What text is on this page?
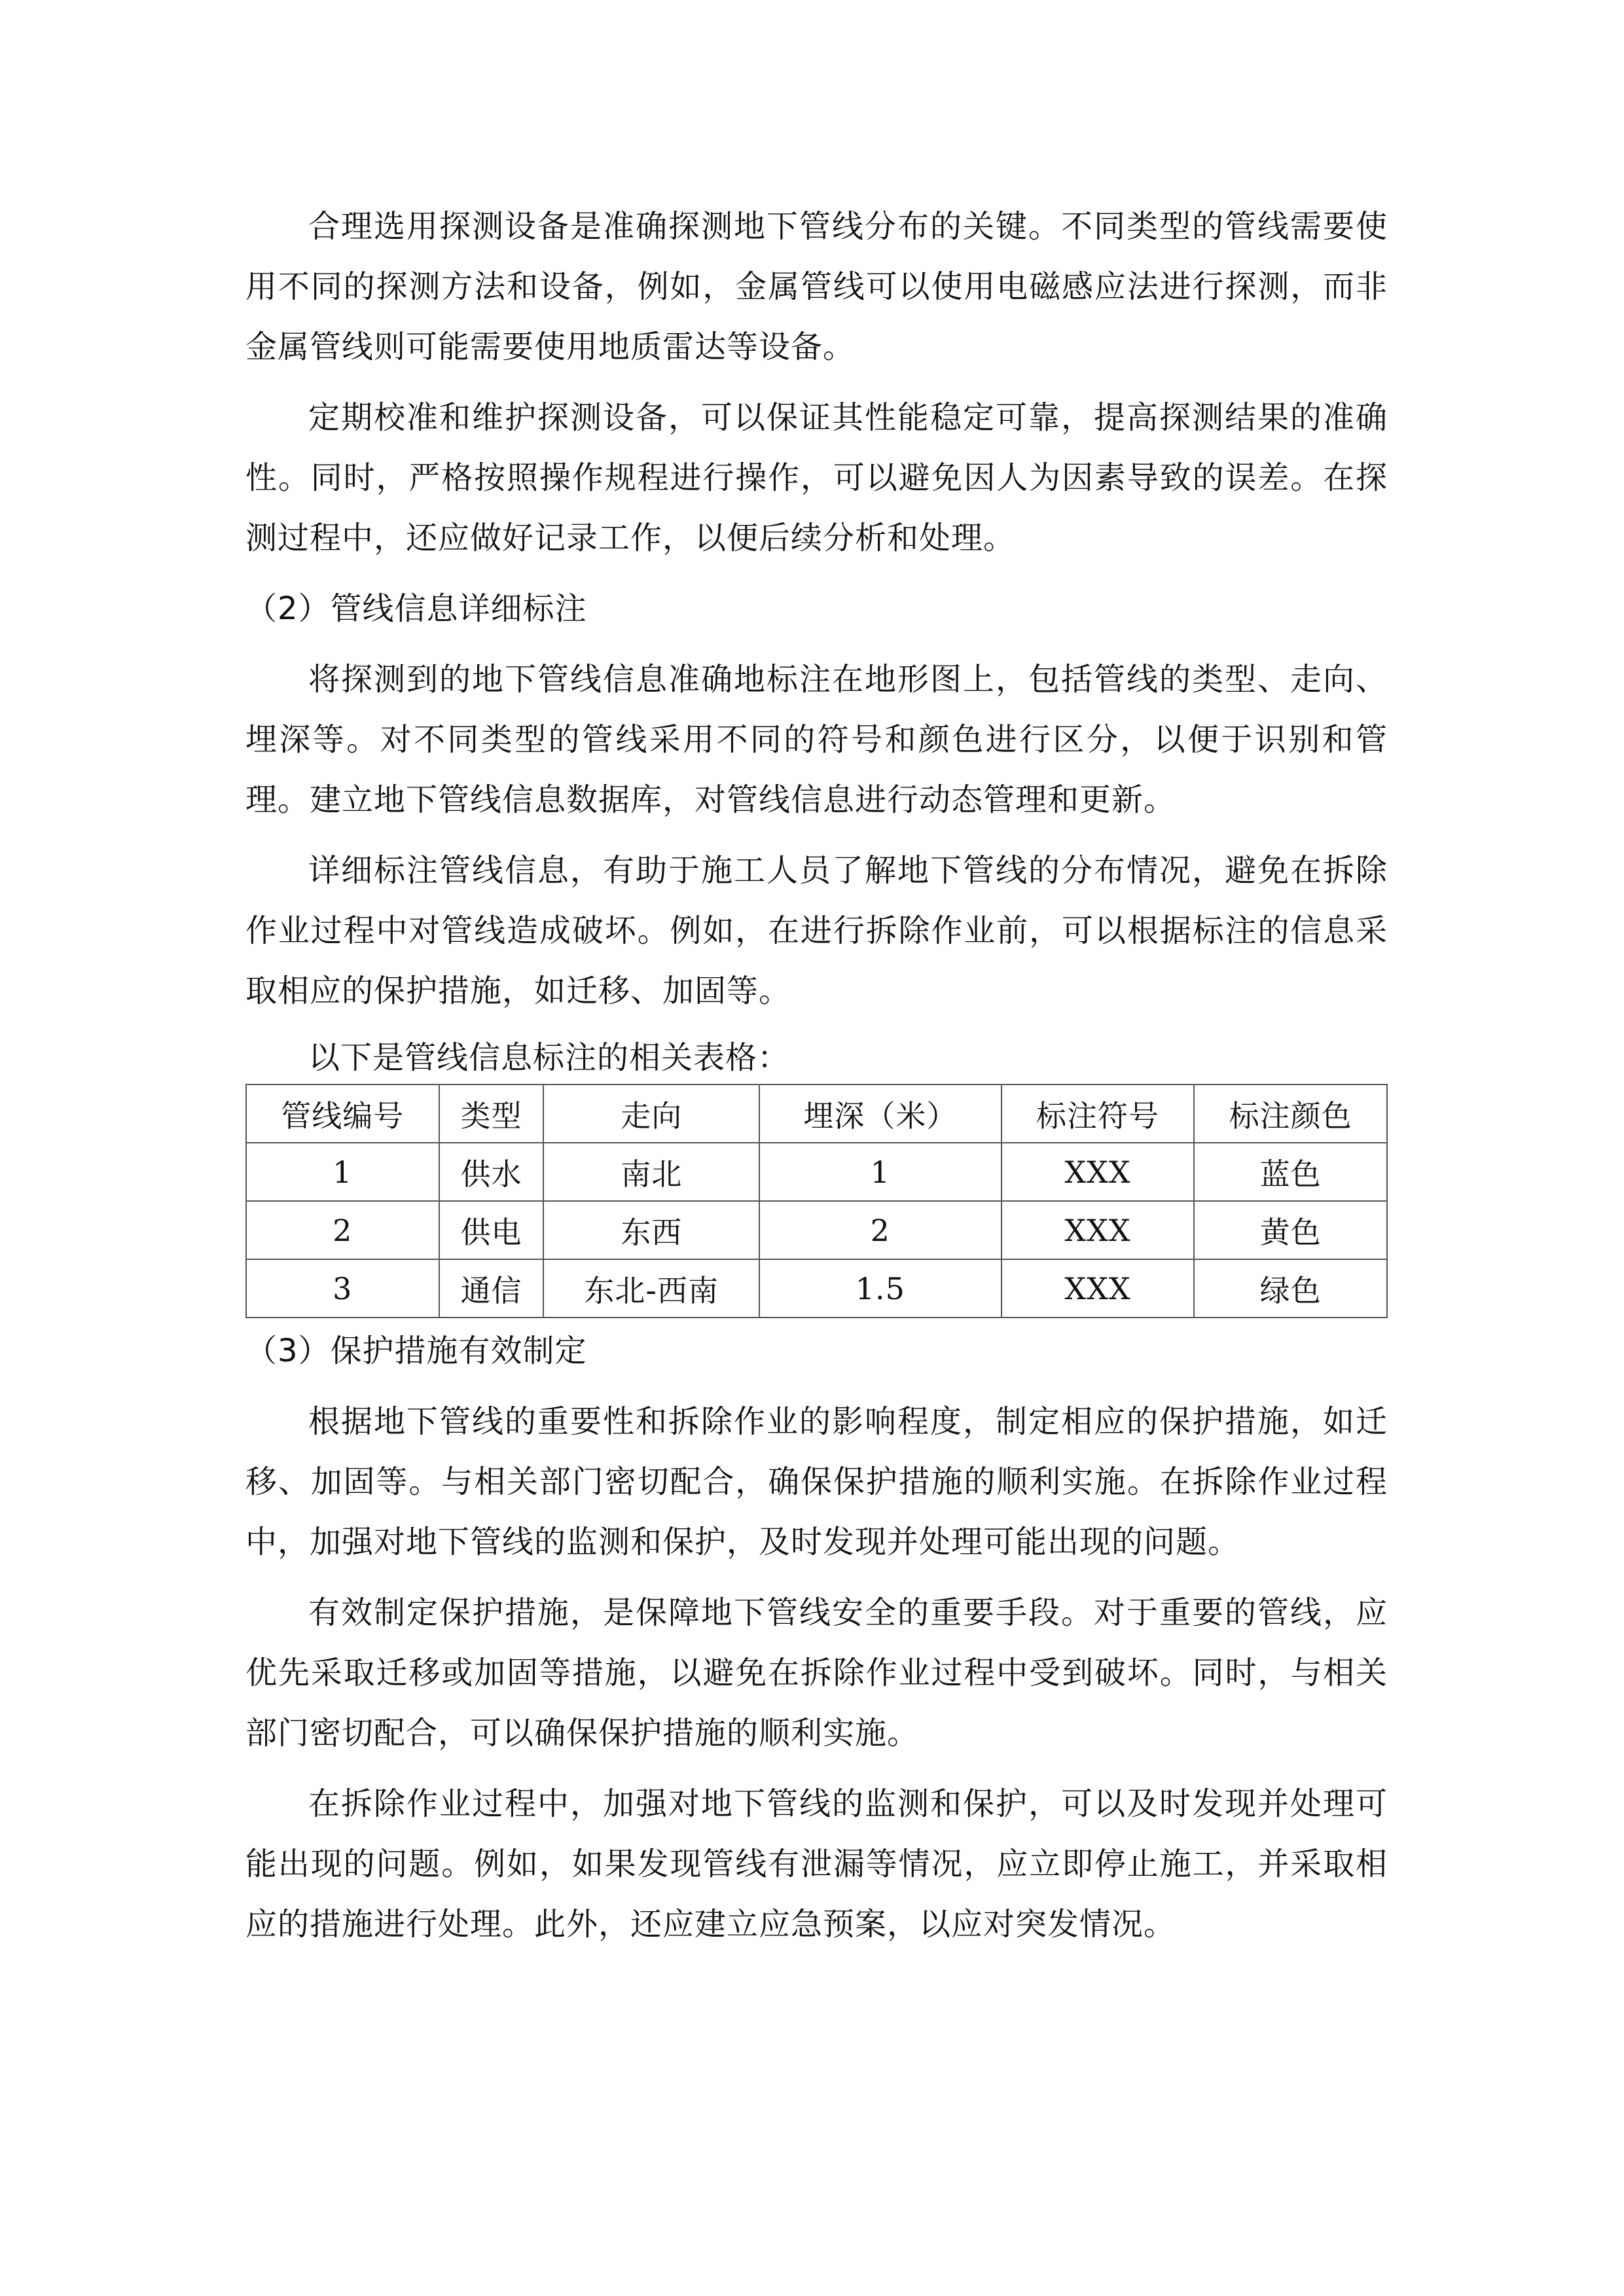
合理选用探测设备是准确探测地下管线分布的关键。不同类型的管线需要使用不同的探测方法和设备，例如，金属管线可以使用电磁感应法进行探测，而非金属管线则可能需要使用地质雷达等设备。

定期校准和维护探测设备，可以保证其性能稳定可靠，提高探测结果的准确性。同时，严格按照操作规程进行操作，可以避免因人为因素导致的误差。在探测过程中，还应做好记录工作，以便后续分析和处理。

（2）管线信息详细标注

将探测到的地下管线信息准确地标注在地形图上，包括管线的类型、走向、埋深等。对不同类型的管线采用不同的符号和颜色进行区分，以便于识别和管理。建立地下管线信息数据库，对管线信息进行动态管理和更新。

详细标注管线信息，有助于施工人员了解地下管线的分布情况，避免在拆除作业过程中对管线造成破坏。例如，在进行拆除作业前，可以根据标注的信息采取相应的保护措施，如迁移、加固等。

以下是管线信息标注的相关表格：

管线编号	类型	走向	埋深（米）	标注符号	标注颜色
1	供水	南北	1	XXX	蓝色
2	供电	东西	2	XXX	黄色
3	通信	东北-西南	1.5	XXX	绿色
（3）保护措施有效制定

根据地下管线的重要性和拆除作业的影响程度，制定相应的保护措施，如迁移、加固等。与相关部门密切配合，确保保护措施的顺利实施。在拆除作业过程中，加强对地下管线的监测和保护，及时发现并处理可能出现的问题。

有效制定保护措施，是保障地下管线安全的重要手段。对于重要的管线，应优先采取迁移或加固等措施，以避免在拆除作业过程中受到破坏。同时，与相关部门密切配合，可以确保保护措施的顺利实施。

在拆除作业过程中，加强对地下管线的监测和保护，可以及时发现并处理可能出现的问题。例如，如果发现管线有泄漏等情况，应立即停止施工，并采取相应的措施进行处理。此外，还应建立应急预案，以应对突发情况。
